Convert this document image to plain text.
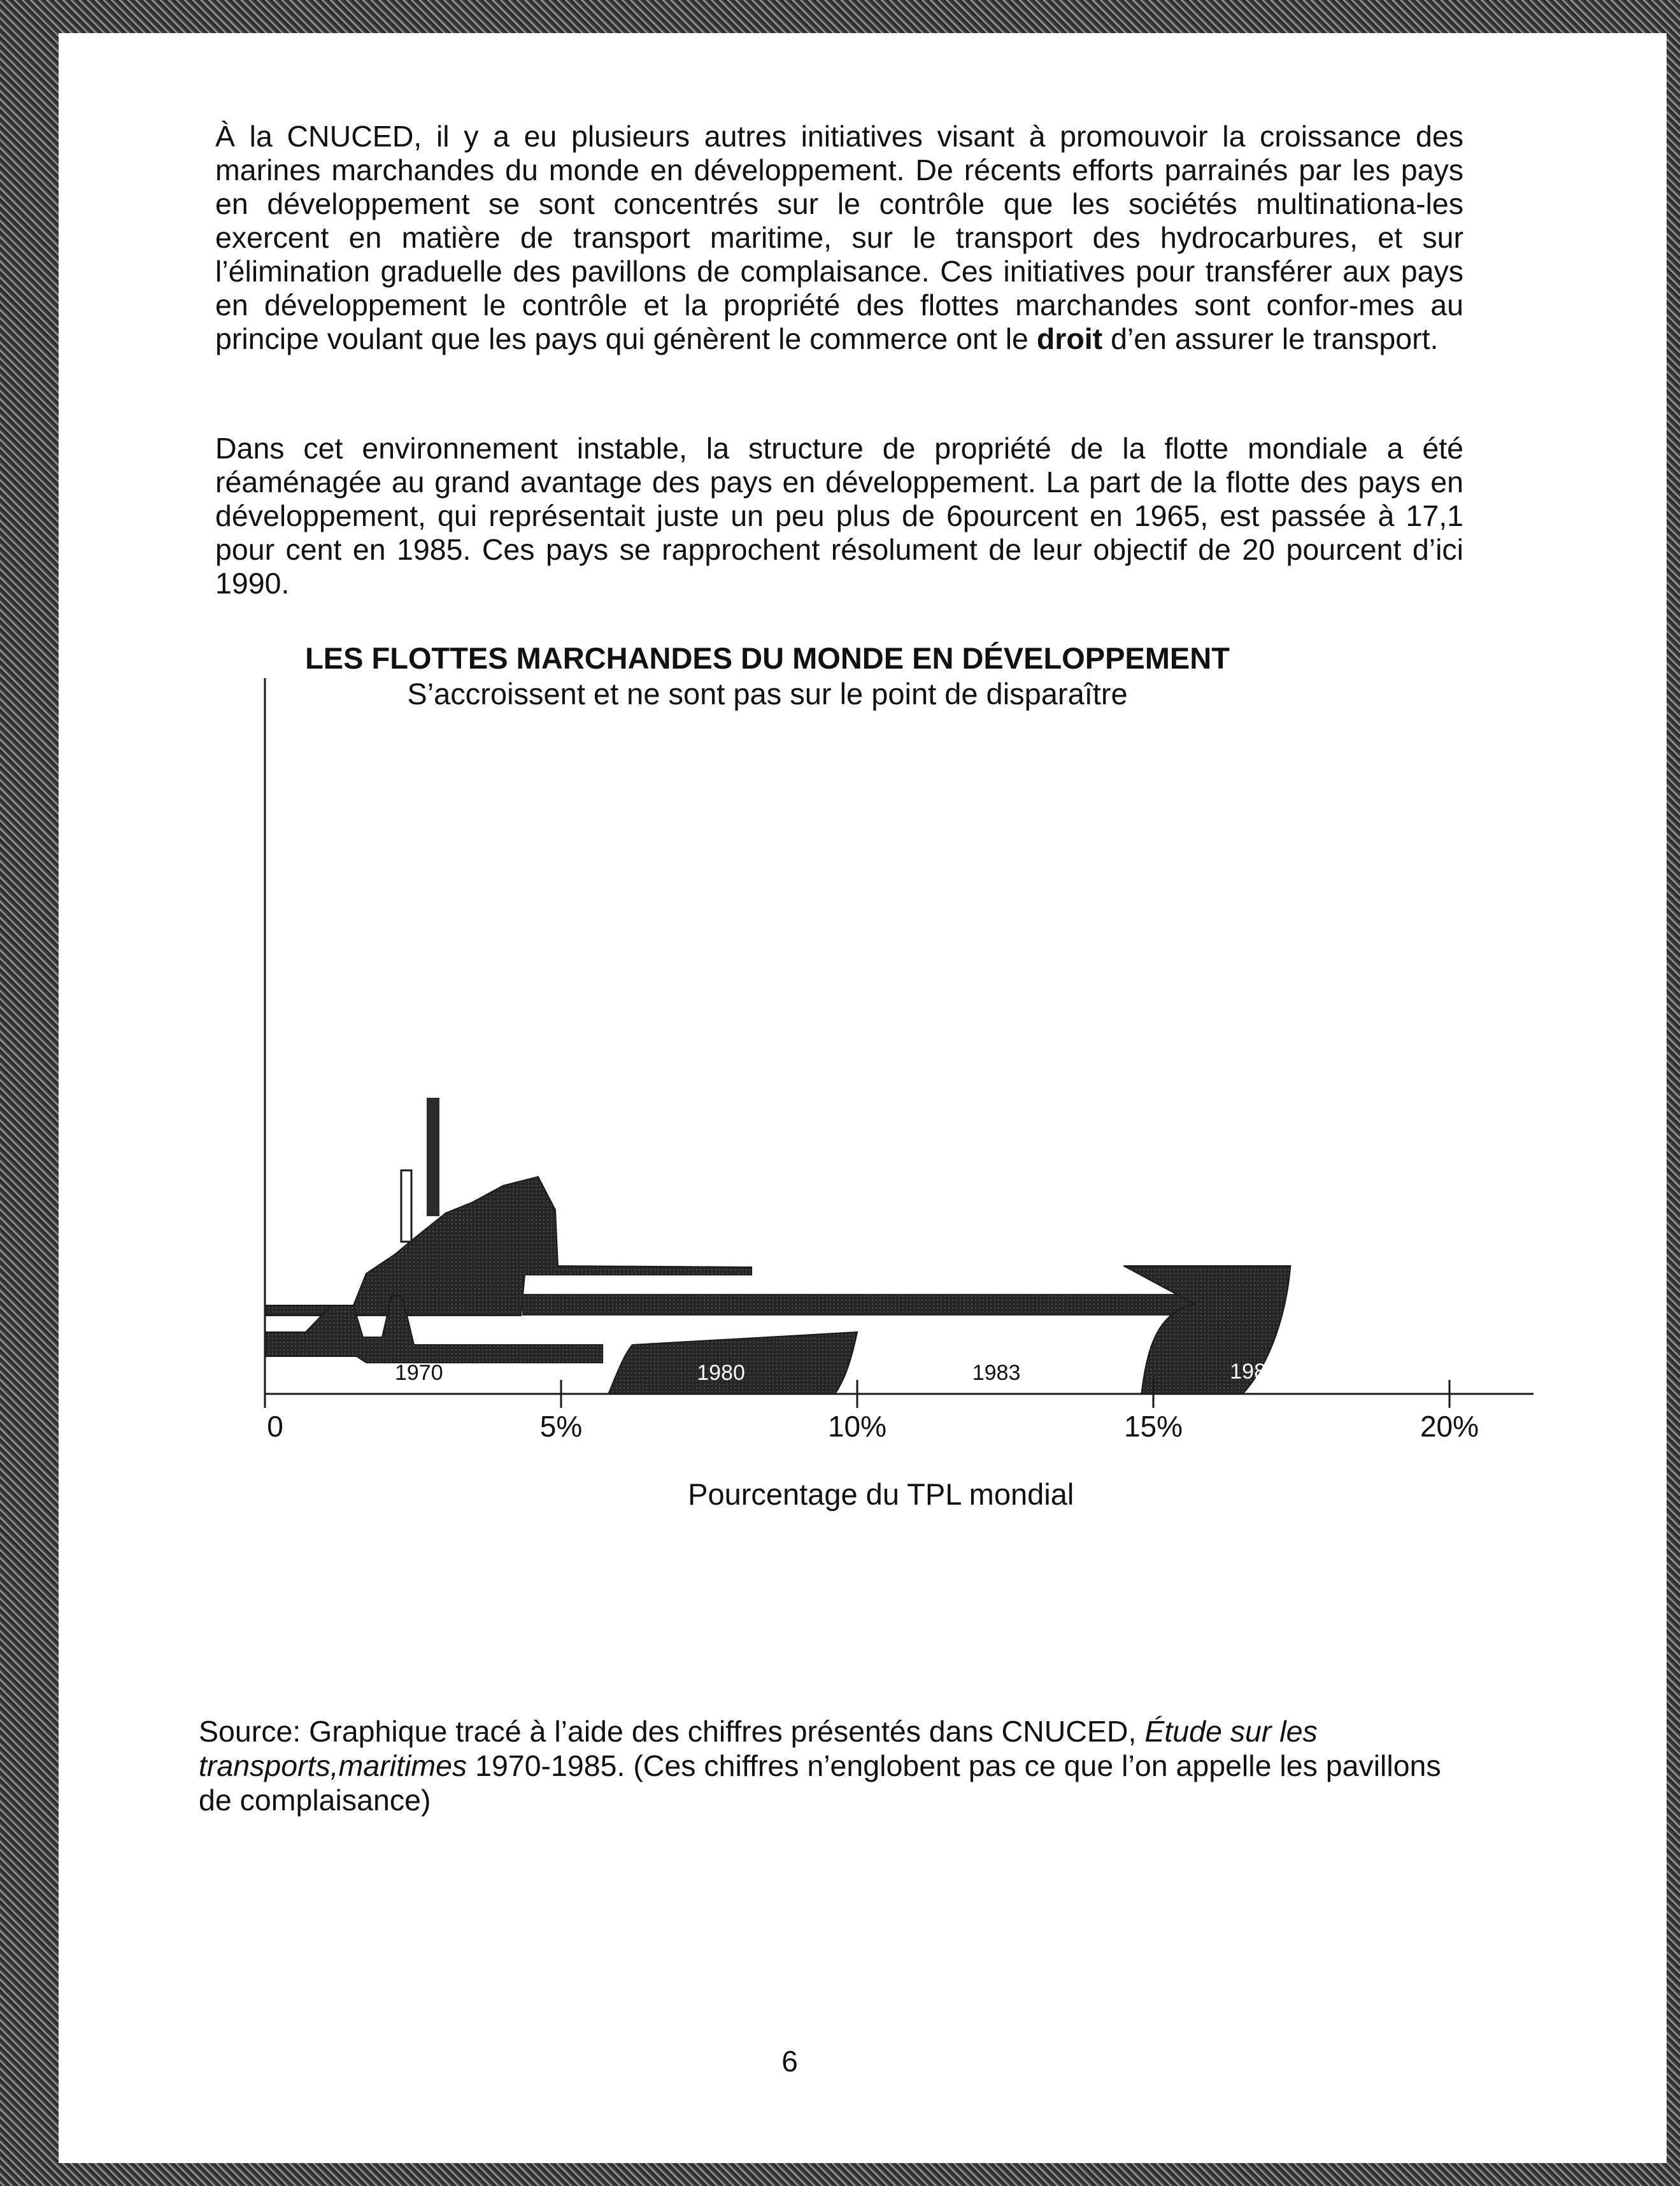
À la CNUCED, il y a eu plusieurs autres initiatives visant à promouvoir la croissance des marines marchandes du monde en développement. De récents efforts parrainés par les pays en développement se sont concentrés sur le contrôle que les sociétés multinationa-les exercent en matière de transport maritime, sur le transport des hydrocarbures, et sur l’élimination graduelle des pavillons de complaisance. Ces initiatives pour transférer aux pays en développement le contrôle et la propriété des flottes marchandes sont confor-mes au principe voulant que les pays qui génèrent le commerce ont le droit d’en assurer le transport.

Dans cet environnement instable, la structure de propriété de la flotte mondiale a été réaménagée au grand avantage des pays en développement. La part de la flotte des pays en développement, qui représentait juste un peu plus de 6pourcent en 1965, est passée à 17,1 pour cent en 1985. Ces pays se rapprochent résolument de leur objectif de 20 pourcent d’ici 1990.

LES FLOTTES MARCHANDES DU MONDE EN DÉVELOPPEMENT
S’accroissent et ne sont pas sur le point de disparaître
1970	1980	1983	1985
0	5%	10%	15%	20%
Pourcentage du TPL mondial

Source: Graphique tracé à l’aide des chiffres présentés dans CNUCED, Étude sur les transports,maritimes 1970-1985. (Ces chiffres n’englobent pas ce que l’on appelle les pavillons de complaisance)

6
